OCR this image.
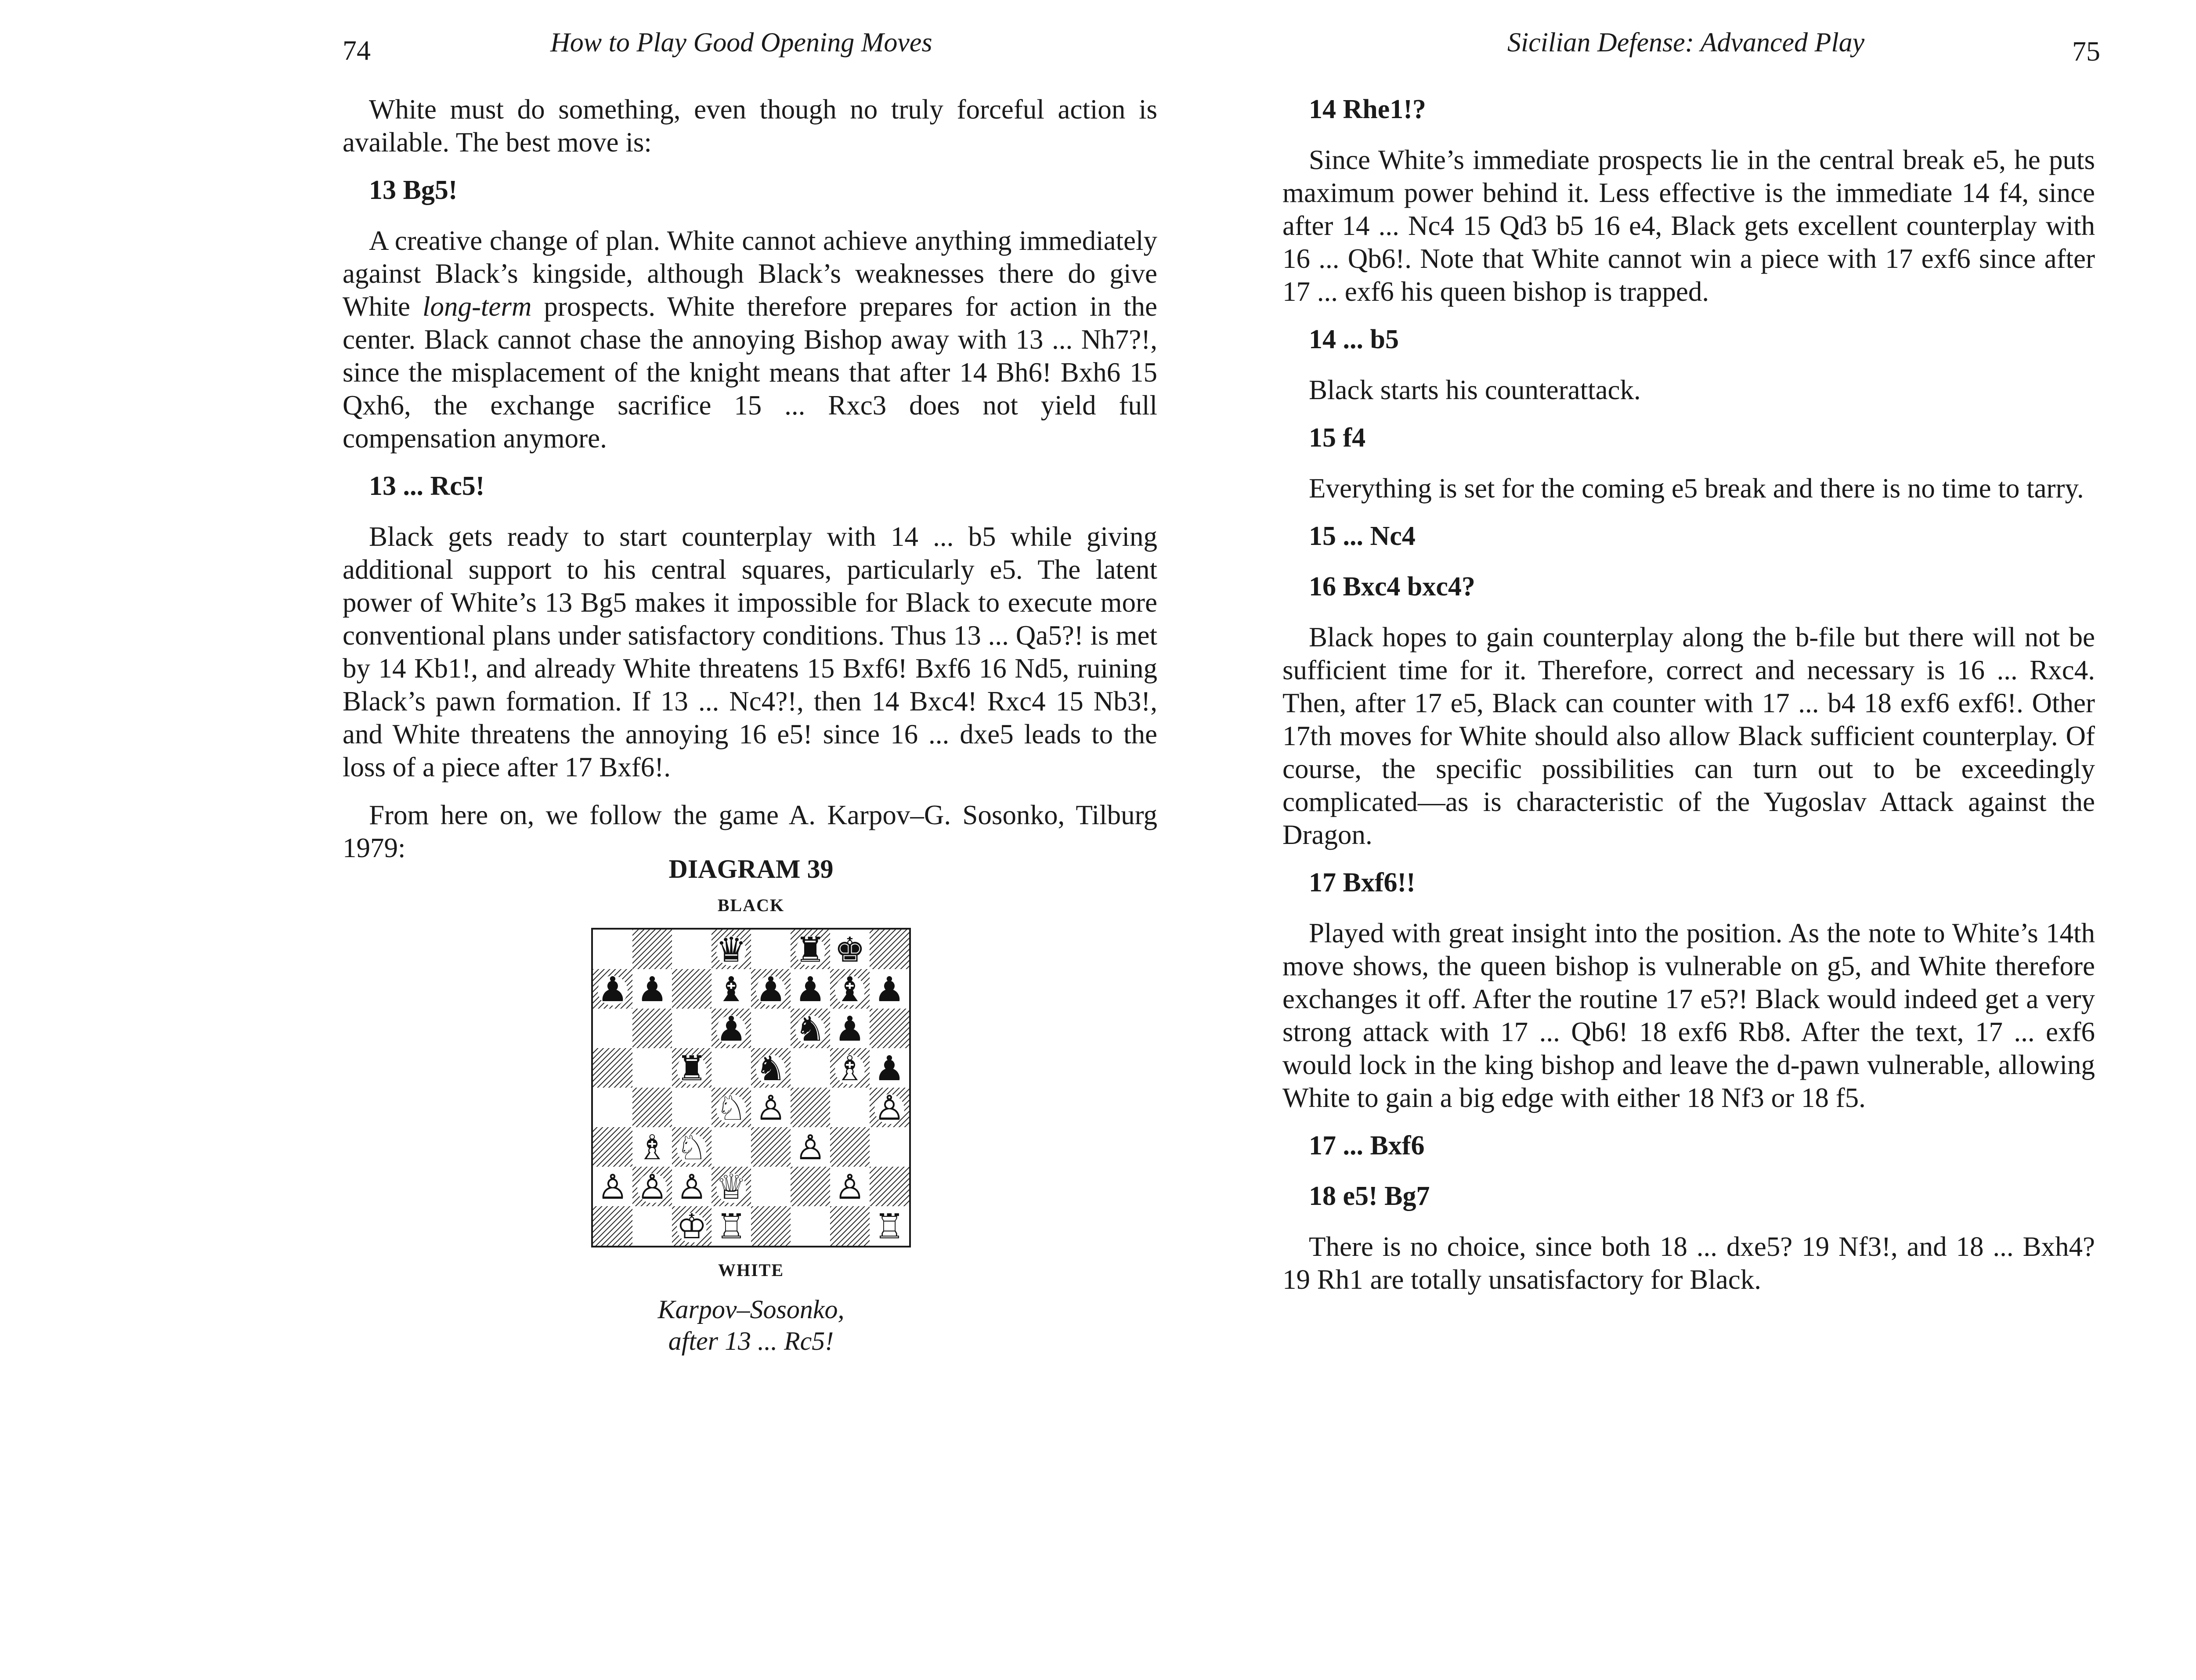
74	How to Play Good Opening Moves

White must do something, even though no truly forceful action is available. The best move is:

13 Bg5!

A creative change of plan. White cannot achieve anything immediately against Black’s kingside, although Black’s weaknesses there do give White long-term prospects. White therefore prepares for action in the center. Black cannot chase the annoying Bishop away with 13 ... Nh7?!, since the misplacement of the knight means that after 14 Bh6! Bxh6 15 Qxh6, the exchange sacrifice 15 ... Rxc3 does not yield full compensation anymore.

13 ... Rc5!

Black gets ready to start counterplay with 14 ... b5 while giving additional support to his central squares, particularly e5. The latent power of White’s 13 Bg5 makes it impossible for Black to execute more conventional plans under satisfactory conditions. Thus 13 ... Qa5?! is met by 14 Kb1!, and already White threatens 15 Bxf6! Bxf6 16 Nd5, ruining Black’s pawn formation. If 13 ... Nc4?!, then 14 Bxc4! Rxc4 15 Nb3!, and White threatens the annoying 16 e5! since 16 ... dxe5 leads to the loss of a piece after 17 Bxf6!.

From here on, we follow the game A. Karpov–G. Sosonko, Tilburg 1979:

DIAGRAM 39
BLACK
♛ ♜ ♚
♟ ♟ ♝ ♟ ♟ ♝ ♟
♟ ♞ ♟
♜ ♞ ♗ ♟
♘ ♙	♙
♗ ♘	♙
♙ ♙ ♙ ♕	♙
♔ ♖	♖
WHITE
Karpov–Sosonko,
after 13 ... Rc5!
Sicilian Defense: Advanced Play	75
14 Rhe1!?

Since White’s immediate prospects lie in the central break e5, he puts maximum power behind it. Less effective is the immediate 14 f4, since after 14 ... Nc4 15 Qd3 b5 16 e4, Black gets excellent counterplay with 16 ... Qb6!. Note that White cannot win a piece with 17 exf6 since after 17 ... exf6 his queen bishop is trapped.

14 ... b5

Black starts his counterattack.

15 f4

Everything is set for the coming e5 break and there is no time to tarry.

15 ... Nc4
16 Bxc4 bxc4?

Black hopes to gain counterplay along the b-file but there will not be sufficient time for it. Therefore, correct and necessary is 16 ... Rxc4. Then, after 17 e5, Black can counter with 17 ... b4 18 exf6 exf6!. Other 17th moves for White should also allow Black sufficient counterplay. Of course, the specific possibilities can turn out to be exceedingly complicated—as is characteristic of the Yugoslav Attack against the Dragon.

17 Bxf6!!

Played with great insight into the position. As the note to White’s 14th move shows, the queen bishop is vulnerable on g5, and White therefore exchanges it off. After the routine 17 e5?! Black would indeed get a very strong attack with 17 ... Qb6! 18 exf6 Rb8. After the text, 17 ... exf6 would lock in the king bishop and leave the d-pawn vulnerable, allowing White to gain a big edge with either 18 Nf3 or 18 f5.

17 ... Bxf6
18 e5! Bg7

There is no choice, since both 18 ... dxe5? 19 Nf3!, and 18 ... Bxh4? 19 Rh1 are totally unsatisfactory for Black.
